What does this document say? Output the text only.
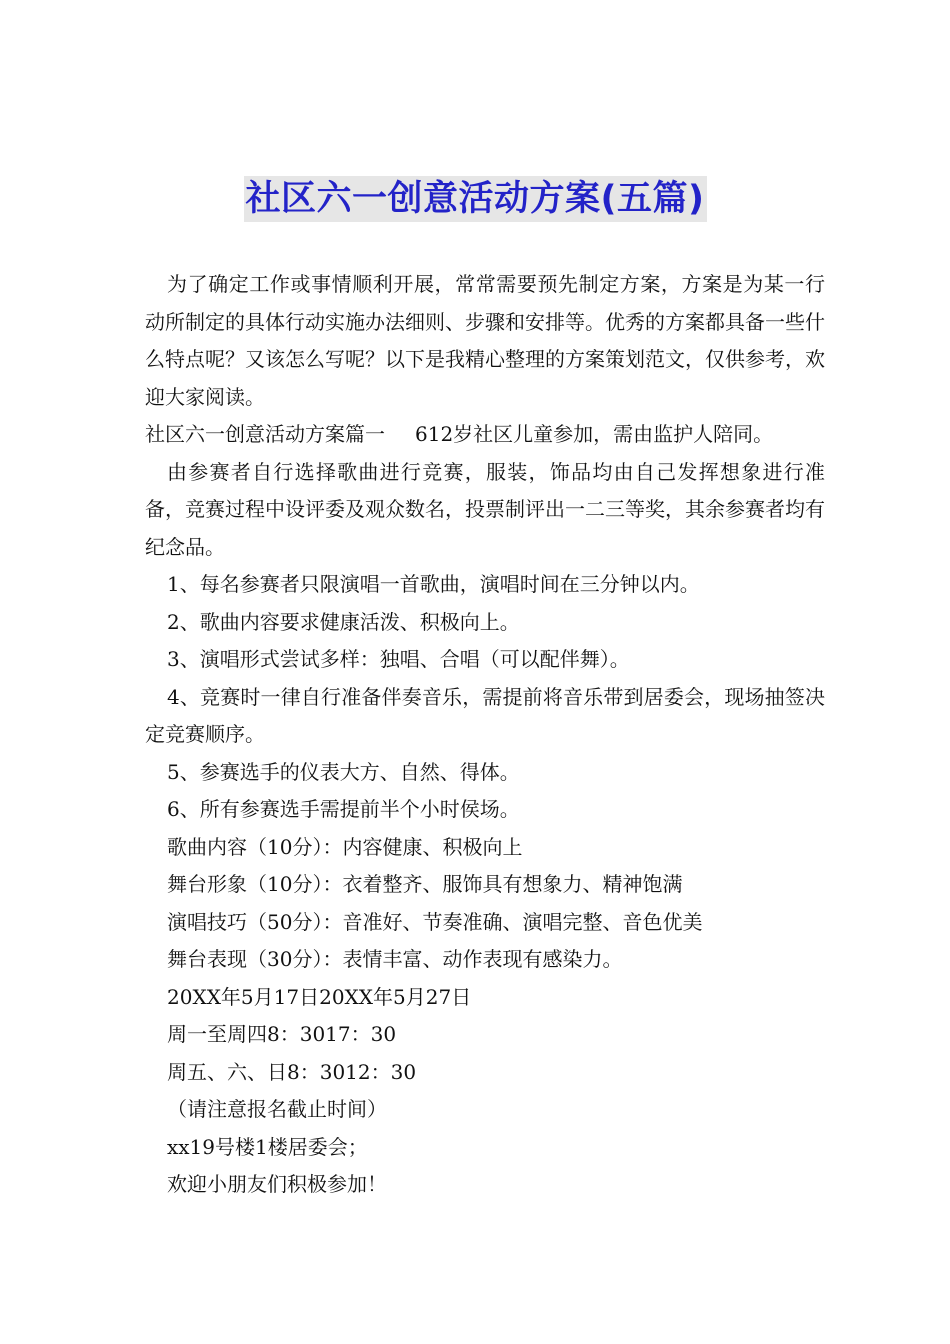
社区六一创意活动方案(五篇)

为了确定工作或事情顺利开展，常常需要预先制定方案，方案是为某一行动所制定的具体行动实施办法细则、步骤和安排等。优秀的方案都具备一些什么特点呢？又该怎么写呢？以下是我精心整理的方案策划范文，仅供参考，欢迎大家阅读。

社区六一创意活动方案篇一 612岁社区儿童参加，需由监护人陪同。

由参赛者自行选择歌曲进行竞赛，服装，饰品均由自己发挥想象进行准备，竞赛过程中设评委及观众数名，投票制评出一二三等奖，其余参赛者均有纪念品。

1、每名参赛者只限演唱一首歌曲，演唱时间在三分钟以内。

2、歌曲内容要求健康活泼、积极向上。

3、演唱形式尝试多样：独唱、合唱（可以配伴舞）。

4、竞赛时一律自行准备伴奏音乐，需提前将音乐带到居委会，现场抽签决定竞赛顺序。

5、参赛选手的仪表大方、自然、得体。

6、所有参赛选手需提前半个小时侯场。

歌曲内容（10分）：内容健康、积极向上

舞台形象（10分）：衣着整齐、服饰具有想象力、精神饱满

演唱技巧（50分）：音准好、节奏准确、演唱完整、音色优美

舞台表现（30分）：表情丰富、动作表现有感染力。

20XX年5月17日20XX年5月27日

周一至周四8：3017：30

周五、六、日8：3012：30

（请注意报名截止时间）

xx19号楼1楼居委会；

欢迎小朋友们积极参加！
